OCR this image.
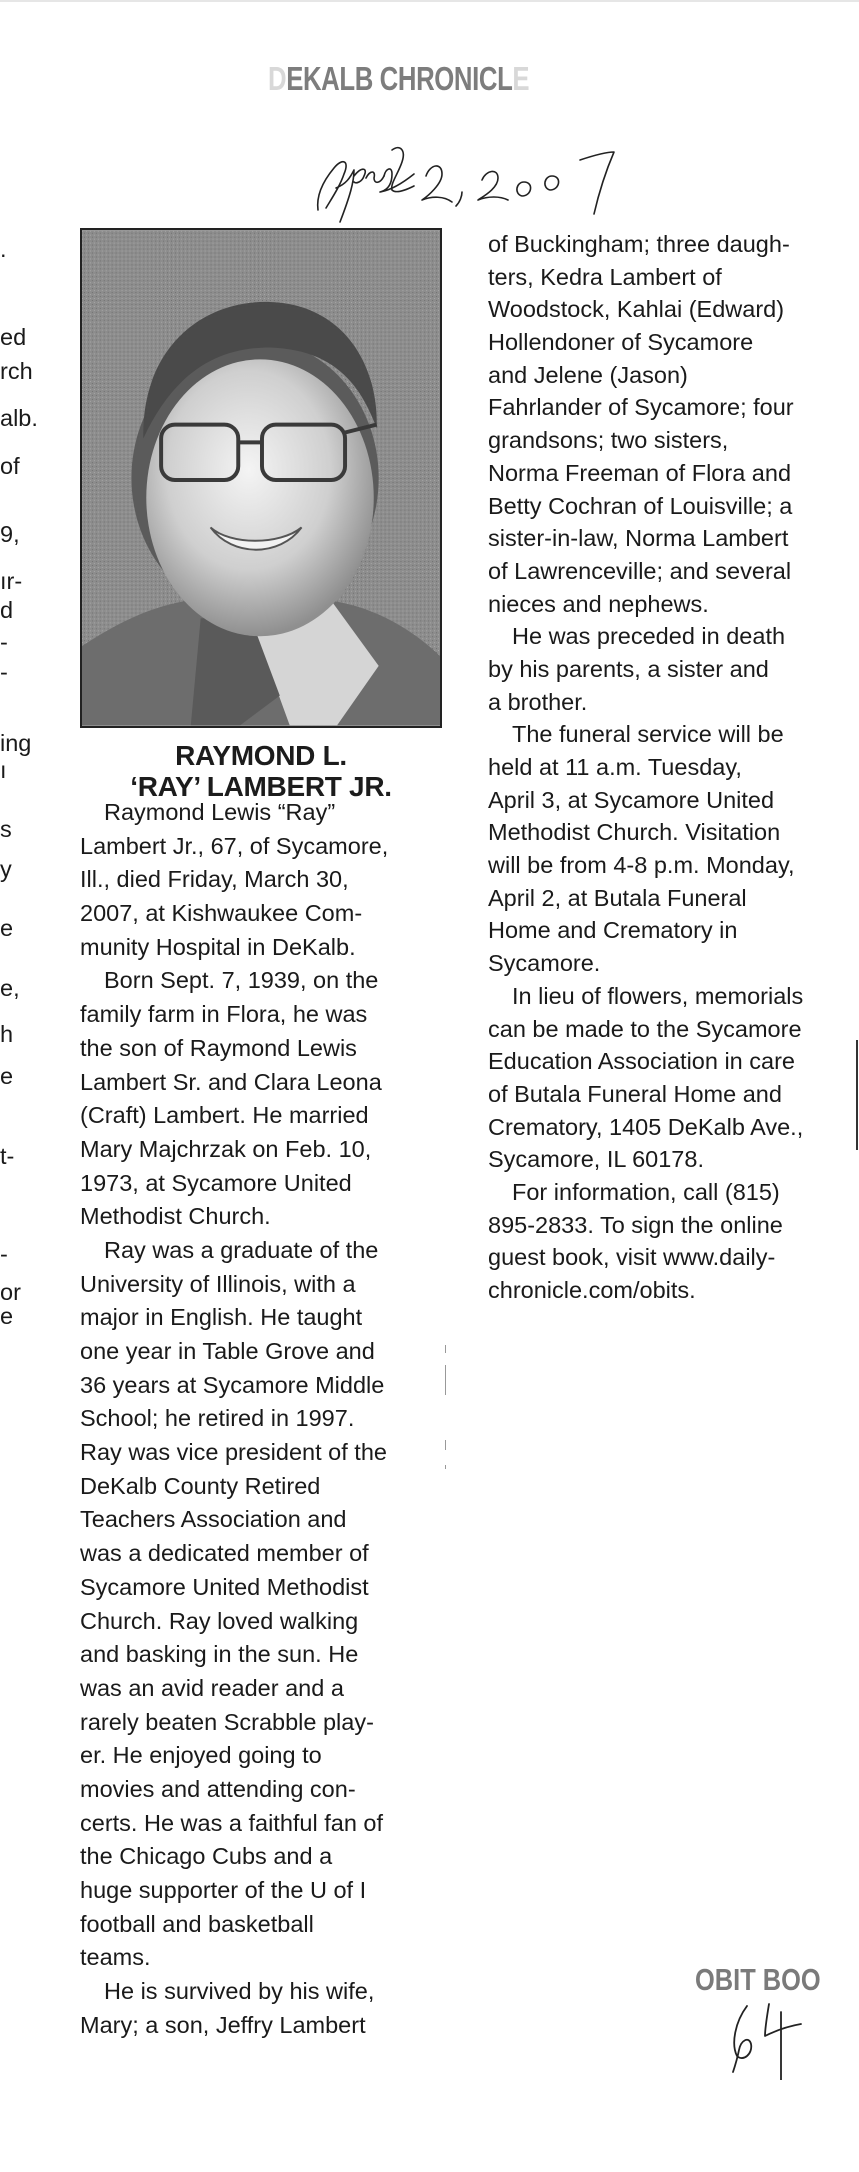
DEKALB CHRONICLE
RAYMOND L.
‘RAY’ LAMBERT JR.
Raymond Lewis “Ray”
Lambert Jr., 67, of Sycamore,
Ill., died Friday, March 30,
2007, at Kishwaukee Com-
munity Hospital in DeKalb.
Born Sept. 7, 1939, on the
family farm in Flora, he was
the son of Raymond Lewis
Lambert Sr. and Clara Leona
(Craft) Lambert. He married
Mary Majchrzak on Feb. 10,
1973, at Sycamore United
Methodist Church.
Ray was a graduate of the
University of Illinois, with a
major in English. He taught
one year in Table Grove and
36 years at Sycamore Middle
School; he retired in 1997.
Ray was vice president of the
DeKalb County Retired
Teachers Association and
was a dedicated member of
Sycamore United Methodist
Church. Ray loved walking
and basking in the sun. He
was an avid reader and a
rarely beaten Scrabble play-
er. He enjoyed going to
movies and attending con-
certs. He was a faithful fan of
the Chicago Cubs and a
huge supporter of the U of I
football and basketball
teams.
He is survived by his wife,
Mary; a son, Jeffry Lambert
of Buckingham; three daugh-
ters, Kedra Lambert of
Woodstock, Kahlai (Edward)
Hollendoner of Sycamore
and Jelene (Jason)
Fahrlander of Sycamore; four
grandsons; two sisters,
Norma Freeman of Flora and
Betty Cochran of Louisville; a
sister-in-law, Norma Lambert
of Lawrenceville; and several
nieces and nephews.
He was preceded in death
by his parents, a sister and
a brother.
The funeral service will be
held at 11 a.m. Tuesday,
April 3, at Sycamore United
Methodist Church. Visitation
will be from 4-8 p.m. Monday,
April 2, at Butala Funeral
Home and Crematory in
Sycamore.
In lieu of flowers, memorials
can be made to the Sycamore
Education Association in care
of Butala Funeral Home and
Crematory, 1405 DeKalb Ave.,
Sycamore, IL 60178.
For information, call (815)
895-2833. To sign the online
guest book, visit www.daily-
chronicle.com/obits.
.
ed
rch
alb.
of
9,
ır-
d
-
-
ing
ı
s
y
e
e,
h
e
t-
-
or
e
OBIT BOO
